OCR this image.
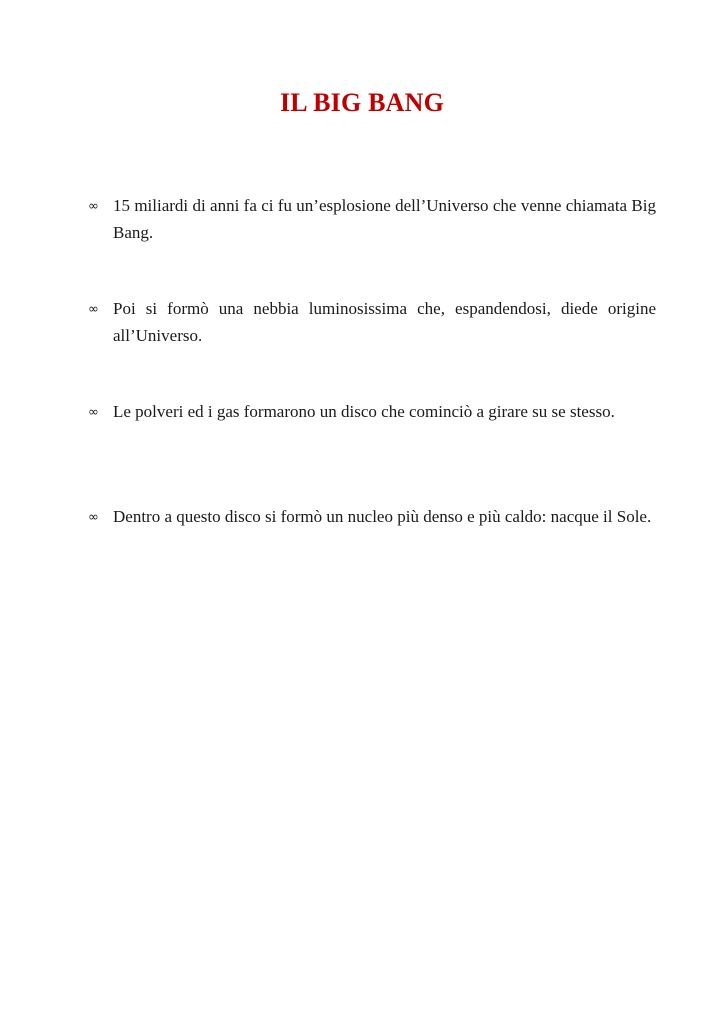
IL BIG BANG
∞ 15 miliardi di anni fa ci fu un’esplosione dell’Universo che venne chiamata Big Bang.

∞ Poi si formò una nebbia luminosissima che, espandendosi, diede origine all’Universo.

∞ Le polveri ed i gas formarono un disco che cominciò a girare su se stesso.

∞ Dentro a questo disco si formò un nucleo più denso e più caldo: nacque il Sole.
